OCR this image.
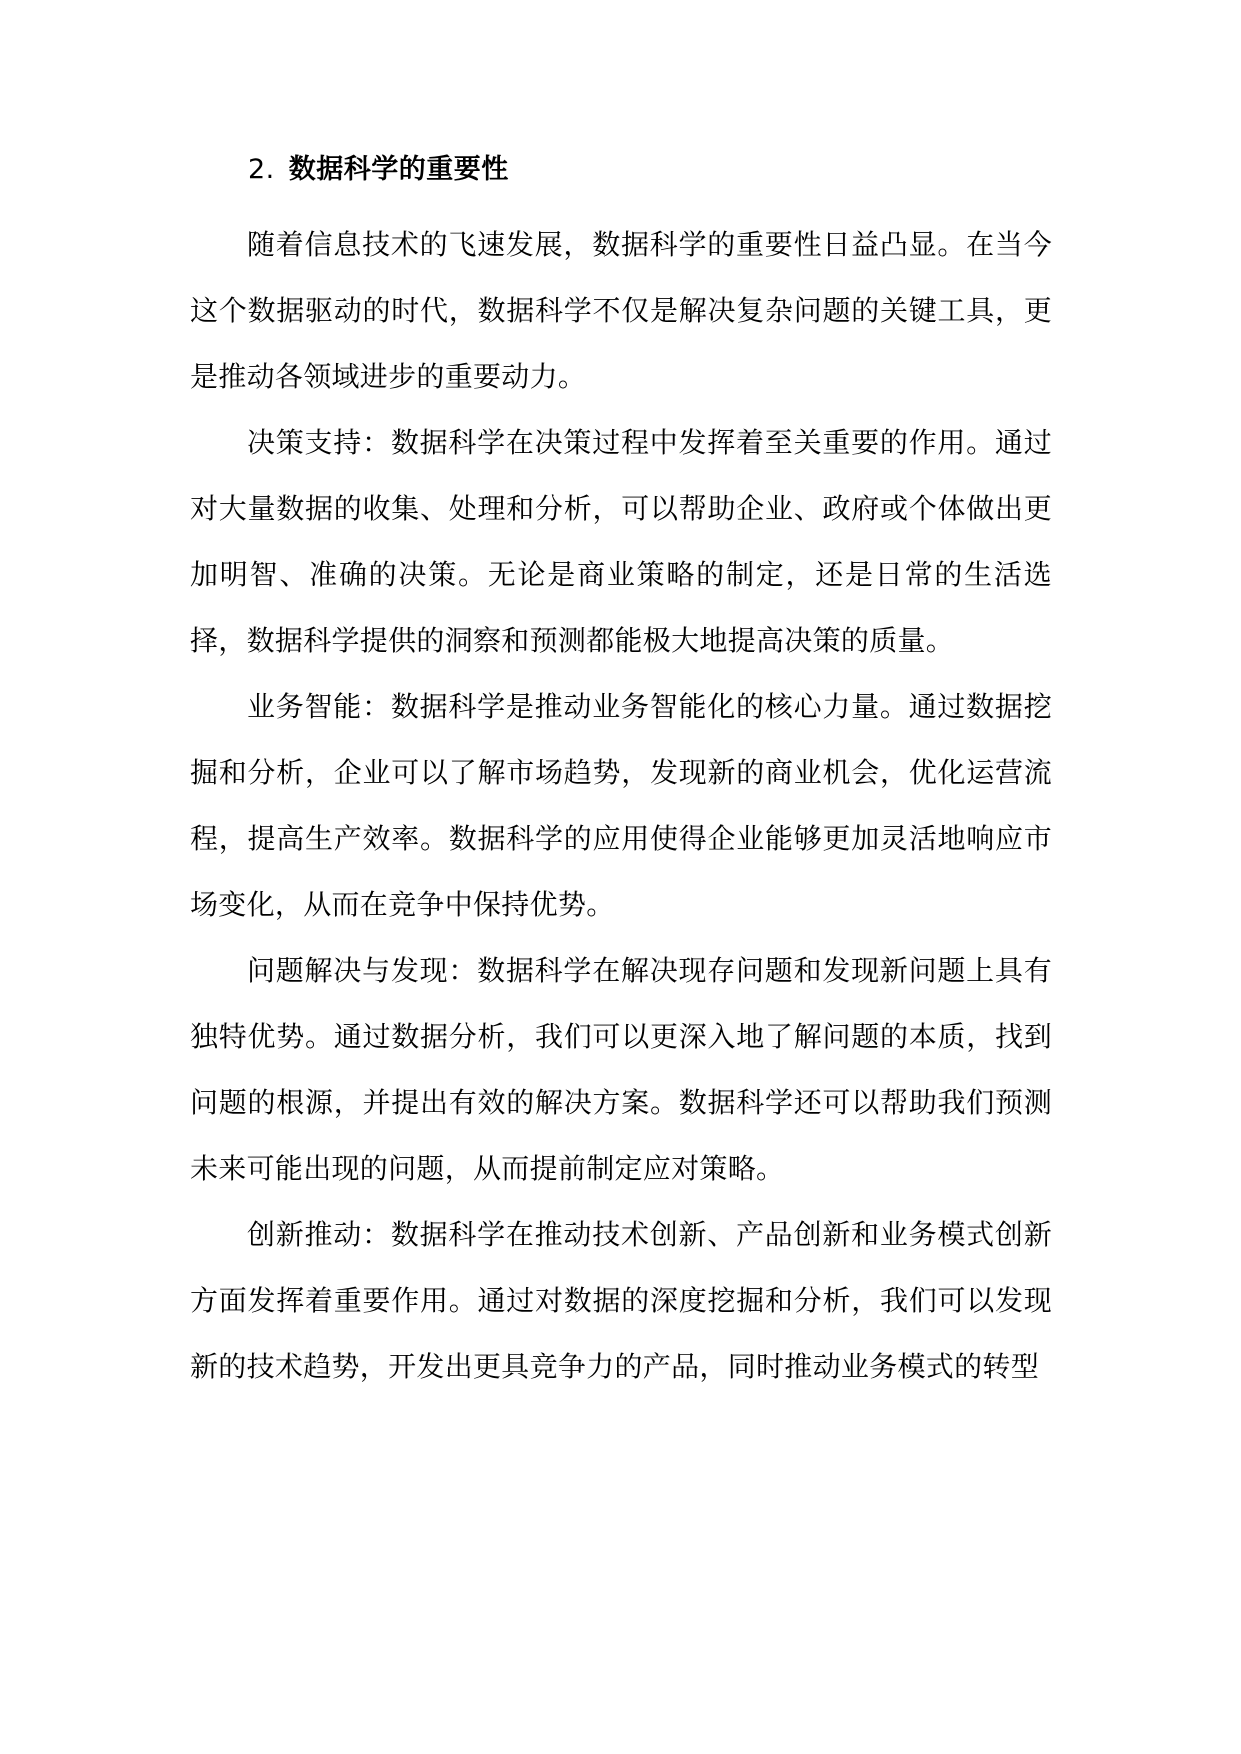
2. 数据科学的重要性

随着信息技术的飞速发展，数据科学的重要性日益凸显。在当今这个数据驱动的时代，数据科学不仅是解决复杂问题的关键工具，更是推动各领域进步的重要动力。

决策支持：数据科学在决策过程中发挥着至关重要的作用。通过对大量数据的收集、处理和分析，可以帮助企业、政府或个体做出更加明智、准确的决策。无论是商业策略的制定，还是日常的生活选择，数据科学提供的洞察和预测都能极大地提高决策的质量。

业务智能：数据科学是推动业务智能化的核心力量。通过数据挖掘和分析，企业可以了解市场趋势，发现新的商业机会，优化运营流程，提高生产效率。数据科学的应用使得企业能够更加灵活地响应市场变化，从而在竞争中保持优势。

问题解决与发现：数据科学在解决现存问题和发现新问题上具有独特优势。通过数据分析，我们可以更深入地了解问题的本质，找到问题的根源，并提出有效的解决方案。数据科学还可以帮助我们预测未来可能出现的问题，从而提前制定应对策略。

创新推动：数据科学在推动技术创新、产品创新和业务模式创新方面发挥着重要作用。通过对数据的深度挖掘和分析，我们可以发现新的技术趋势，开发出更具竞争力的产品，同时推动业务模式的转型
